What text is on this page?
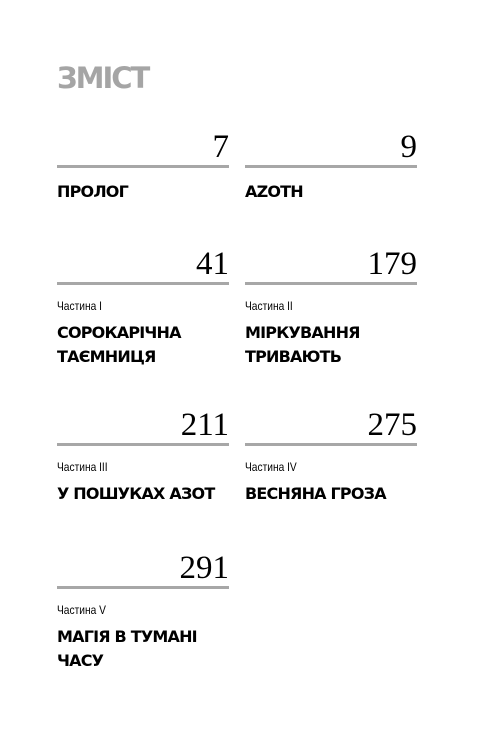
ЗМІСТ
7
ПРОЛОГ
9
AZOTH
41
Частина I
СОРОКАРІЧНА
ТАЄМНИЦЯ
179
Частина II
МІРКУВАННЯ
ТРИВАЮТЬ
211
Частина III
У ПОШУКАХ АЗОТ
275
Частина IV
ВЕСНЯНА ГРОЗА
291
Частина V
МАГІЯ В ТУМАНІ ЧАСУ
